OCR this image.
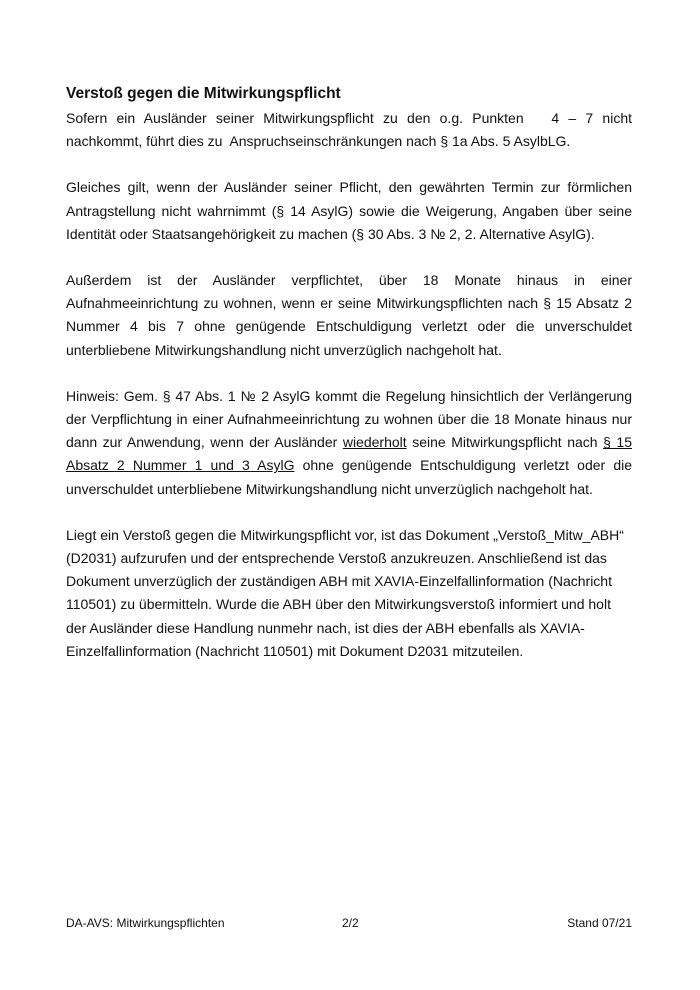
Verstoß gegen die Mitwirkungspflicht

Sofern ein Ausländer seiner Mitwirkungspflicht zu den o.g. Punkten   4 – 7 nicht nachkommt, führt dies zu  Anspruchseinschränkungen nach § 1a Abs. 5 AsylbLG.

Gleiches gilt, wenn der Ausländer seiner Pflicht, den gewährten Termin zur förmlichen Antragstellung nicht wahrnimmt (§ 14 AsylG) sowie die Weigerung, Angaben über seine Identität oder Staatsangehörigkeit zu machen (§ 30 Abs. 3 № 2, 2. Alternative AsylG).

Außerdem ist der Ausländer verpflichtet, über 18 Monate hinaus in einer Aufnahmeeinrichtung zu wohnen, wenn er seine Mitwirkungspflichten nach § 15 Absatz 2 Nummer 4 bis 7 ohne genügende Entschuldigung verletzt oder die unverschuldet unterbliebene Mitwirkungshandlung nicht unverzüglich nachgeholt hat.

Hinweis: Gem. § 47 Abs. 1 № 2 AsylG kommt die Regelung hinsichtlich der Verlängerung der Verpflichtung in einer Aufnahmeeinrichtung zu wohnen über die 18 Monate hinaus nur dann zur Anwendung, wenn der Ausländer wiederholt seine Mitwirkungspflicht nach § 15 Absatz 2 Nummer 1 und 3 AsylG ohne genügende Entschuldigung verletzt oder die unverschuldet unterbliebene Mitwirkungshandlung nicht unverzüglich nachgeholt hat.

Liegt ein Verstoß gegen die Mitwirkungspflicht vor, ist das Dokument „Verstoß_Mitw_ABH“ (D2031) aufzurufen und der entsprechende Verstoß anzukreuzen. Anschließend ist das Dokument unverzüglich der zuständigen ABH mit XAVIA-Einzelfallinformation (Nachricht 110501) zu übermitteln. Wurde die ABH über den Mitwirkungsverstoß informiert und holt der Ausländer diese Handlung nunmehr nach, ist dies der ABH ebenfalls als XAVIA-Einzelfallinformation (Nachricht 110501) mit Dokument D2031 mitzuteilen.

DA-AVS: Mitwirkungspflichten	2/2	Stand 07/21
